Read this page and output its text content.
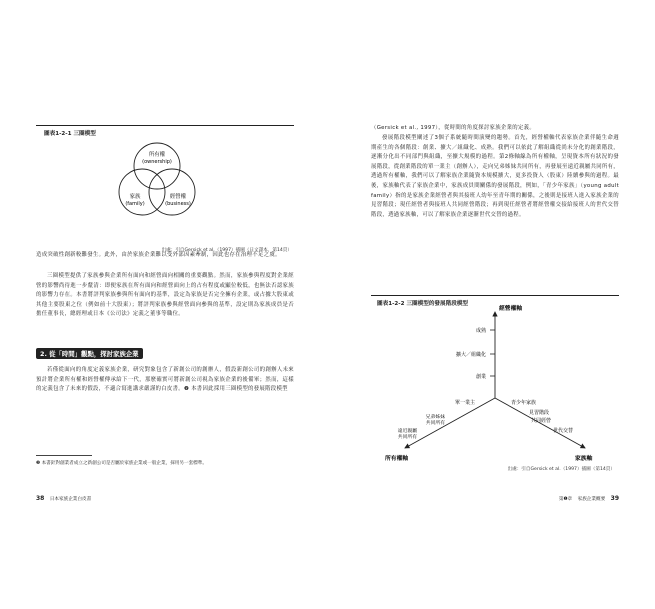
圖表1-2-1 三圈模型
所有權
(ownership)
家族
(family)
經營權
(business)
出處：引自Gersick et al.（1997）插圖（日文譯本，第14頁）
造成突破性創新較難發生。此外，由於家族企業難以受外部因素牽制，因此也存在治理不足之虞。
三圈模型提供了家族參與企業所有面向和經營面向相關的重要觀點。然而，家族參與程度對企業經營的影響尚待進一步釐清：即便家族在所有面向和經營面向上的占有程度或顯位較低，也無法否認家族的影響力存在。本書將評判家族參與所有面向的基準，設定為家族是否完全擁有企業，或占據大股東或其他主要股東之位（例如前十大股東）；將評判家族參與經營面向參與的基準，設定則為家族成員是否擔任董事長，總經理或日本《公司法》定義之董事等職位。
2. 從「時間」觀點，探討家族企業
若僅從面向的角度定義家族企業，研究對象包含了新創公司的創辦人，假設新創公司的創辦人未來預計將企業所有權和經營權傳承給下一代，那麼確實可將新創公司視為家族企業的後備軍；然而，這樣的定義包含了未來的假設，不適合寫進講求嚴謹的白皮書。❷ 本書因此採用三圈模型的發展階段模型
❷ 本書針對創業者成立之新創公司是否屬於家族企業或一般企業，採用另一套標準。
38 日本家族企業白皮書
（Gersick et al., 1997），從時間的角度探討家族企業的定義。
發展階段模型闡述了3個子系統隨時間演變的趨勢。首先，經營權軸代表家族企業伴隨生命週期產生的各個階段：創業、擴大／組織化、成熟。我們可以依此了解組織從尚未分化的創業階段，逐漸分化出不同部門與組織，至擴大規模的過程。第2條軸線為所有權軸，呈現資本所有狀況的發展階段，從創業階段的單一業主（創辦人），走向兄弟姊妹共同所有，再發展至遠近親屬共同所有，透過所有權軸，我們可以了解家族企業隨資本規模擴大，更多投資人（股東）陸續參與的過程。最後，家族軸代表了家族企業中，家族成員間關係的發展階段，例如，「青少年家族」（young adult family）指的是家族企業經營者與其接班人幼年至青年期的關係，之後則是接班人進入家族企業的見習階段；現任經營者與接班人共同經營階段；再到現任經營者將經營權交接給接班人的世代交替階段，透過家族軸，可以了解家族企業逐漸世代交替的過程。
圖表1-2-2 三圈模型的發展階段模型
經營權軸
成熟
擴大／組織化
創業
單一業主
兄弟姊妹
共同所有
遠近親屬
共同所有
所有權軸
青少年家族
見習階段
共同經營
世代交替
家族軸
出處：引自Gersick et al.（1997）插圖（第14頁）
第❶章 家族企業概要 39
